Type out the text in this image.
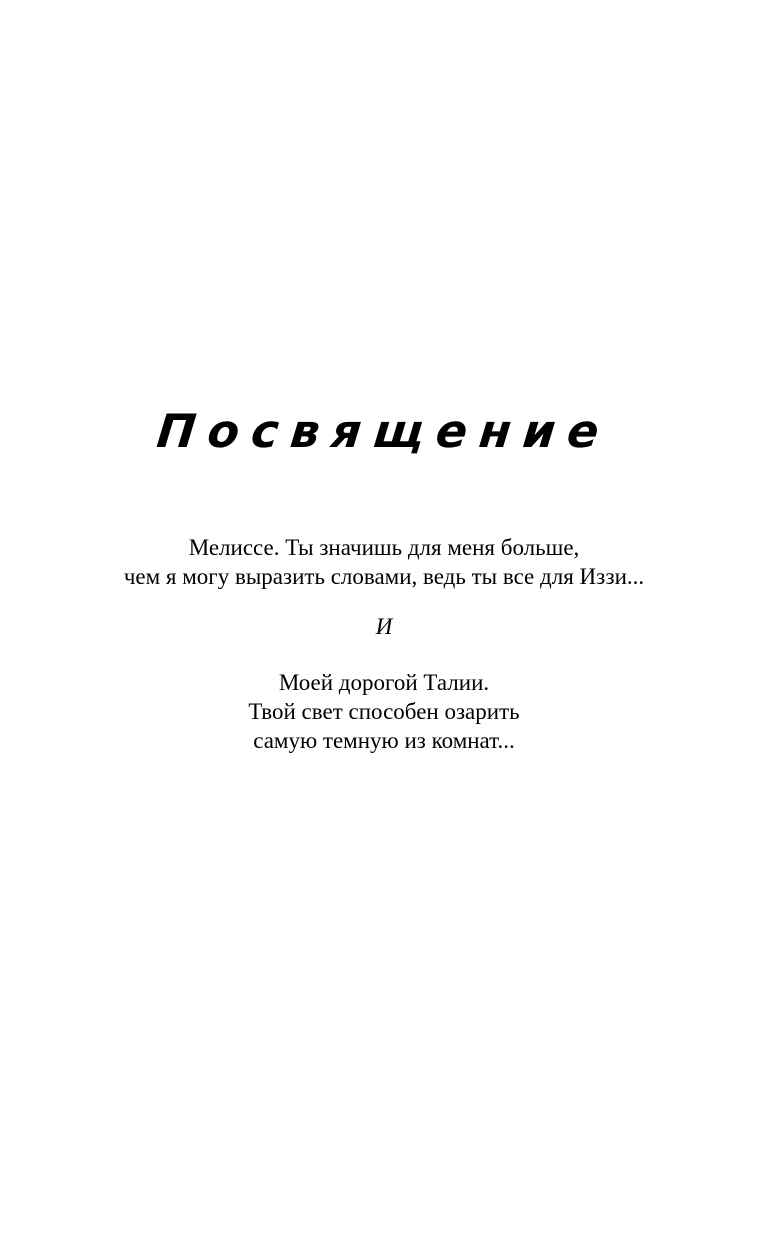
Посвящение
Мелиссе. Ты значишь для меня больше,
чем я могу выразить словами, ведь ты все для Иззи...
И
Моей дорогой Талии.
Твой свет способен озарить
самую темную из комнат...
